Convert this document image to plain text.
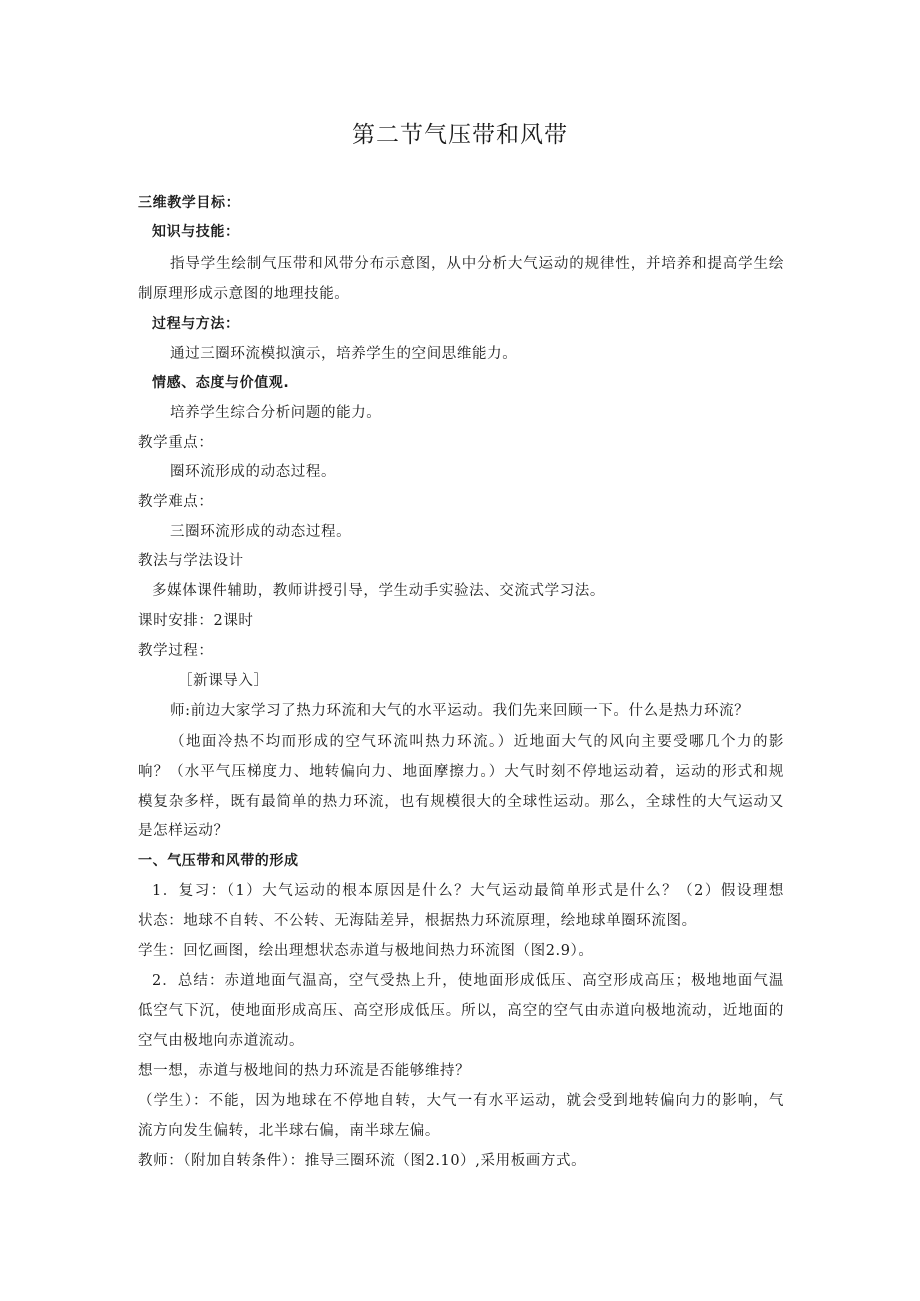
第二节气压带和风带
三维教学目标：
知识与技能：
指导学生绘制气压带和风带分布示意图，从中分析大气运动的规律性，并培养和提高学生绘
制原理形成示意图的地理技能。
过程与方法：
通过三圈环流模拟演示，培养学生的空间思维能力。
情感、态度与价值观.
培养学生综合分析问题的能力。
教学重点：
圈环流形成的动态过程。
教学难点：
三圈环流形成的动态过程。
教法与学法设计
多媒体课件辅助，教师讲授引导，学生动手实验法、交流式学习法。
课时安排：2课时
教学过程：
［新课导入］
师:前边大家学习了热力环流和大气的水平运动。我们先来回顾一下。什么是热力环流？
（地面冷热不均而形成的空气环流叫热力环流。）近地面大气的风向主要受哪几个力的影
响？（水平气压梯度力、地转偏向力、地面摩擦力。）大气时刻不停地运动着，运动的形式和规
模复杂多样，既有最简单的热力环流，也有规模很大的全球性运动。那么，全球性的大气运动又
是怎样运动？
一、气压带和风带的形成
1．复习：（1）大气运动的根本原因是什么？大气运动最简单形式是什么？（2）假设理想
状态：地球不自转、不公转、无海陆差异，根据热力环流原理，绘地球单圈环流图。
学生：回忆画图，绘出理想状态赤道与极地间热力环流图（图2.9）。
2．总结：赤道地面气温高，空气受热上升，使地面形成低压、高空形成高压；极地地面气温
低空气下沉，使地面形成高压、高空形成低压。所以，高空的空气由赤道向极地流动，近地面的
空气由极地向赤道流动。
想一想，赤道与极地间的热力环流是否能够维持？
（学生）：不能，因为地球在不停地自转，大气一有水平运动，就会受到地转偏向力的影响，气
流方向发生偏转，北半球右偏，南半球左偏。
教师：（附加自转条件）：推导三圈环流（图2.10）,采用板画方式。
